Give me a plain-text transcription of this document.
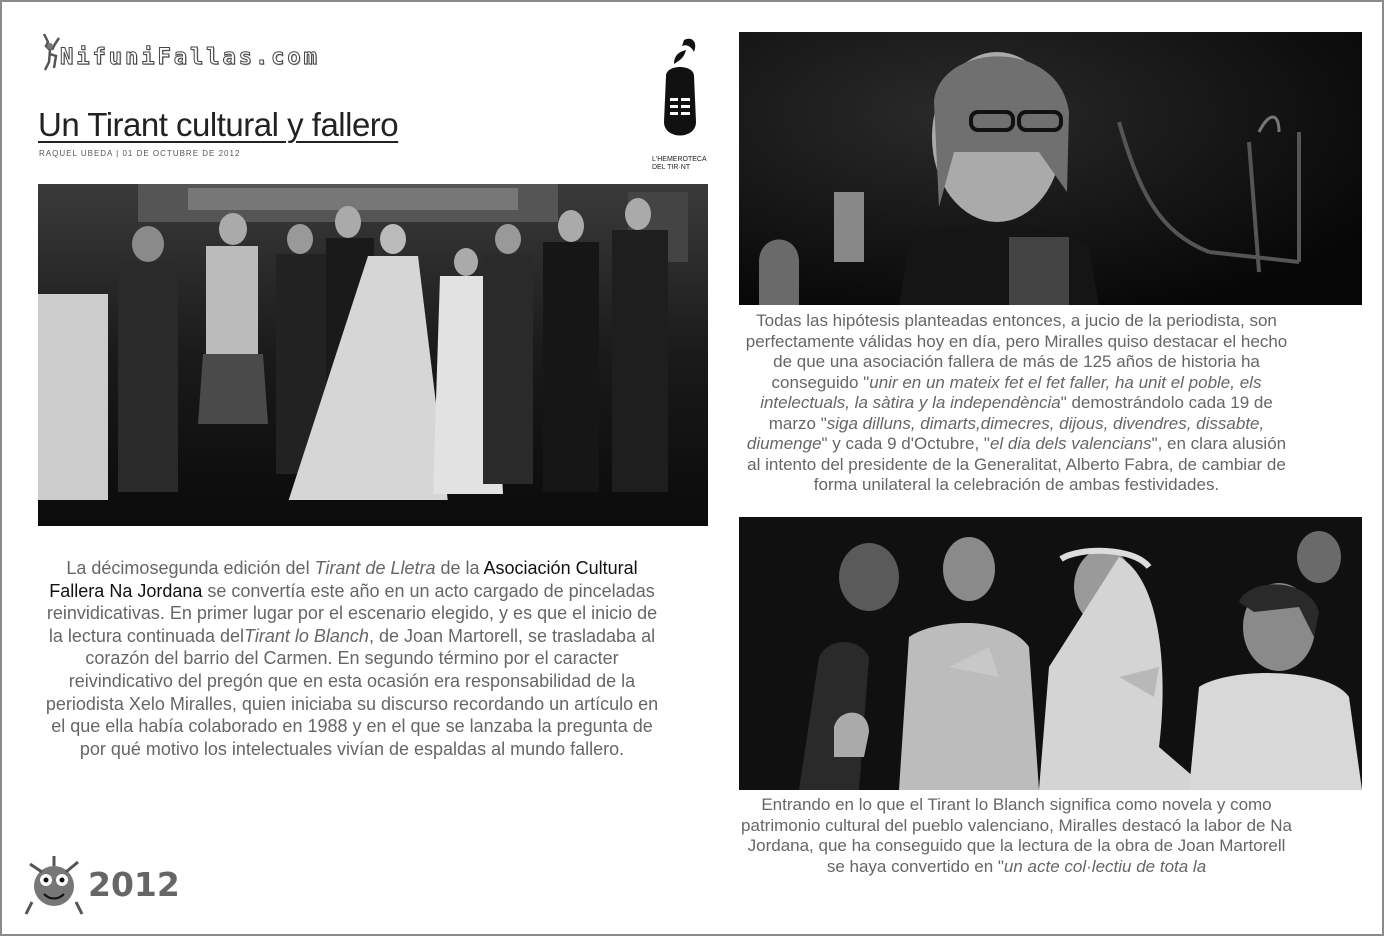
NifuniFallas.com
Un Tirant cultural y fallero
RAQUEL UBEDA | 01 DE OCTUBRE DE 2012
L'HEMEROTECA
DEL TIR·NT
La décimosegunda edición del Tirant de Lletra de la Asociación Cultural Fallera Na Jordana se convertía este año en un acto cargado de pinceladas reinvidicativas. En primer lugar por el escenario elegido, y es que el inicio de la lectura continuada delTirant lo Blanch, de Joan Martorell, se trasladaba al corazón del barrio del Carmen. En segundo término por el caracter reivindicativo del pregón que en esta ocasión era responsabilidad de la periodista Xelo Miralles, quien iniciaba su discurso recordando un artículo en el que ella había colaborado en 1988 y en el que se lanzaba la pregunta de por qué motivo los intelectuales vivían de espaldas al mundo fallero.
Todas las hipótesis planteadas entonces, a jucio de la periodista, son perfectamente válidas hoy en día, pero Miralles quiso destacar el hecho de que una asociación fallera de más de 125 años de historia ha conseguido "unir en un mateix fet el fet faller, ha unit el poble, els intelectuals, la sàtira y la independència" demostrándolo cada 19 de marzo "siga dilluns, dimarts,dimecres, dijous, divendres, dissabte, diumenge" y cada 9 d'Octubre, "el dia dels valencians", en clara alusión al intento del presidente de la Generalitat, Alberto Fabra, de cambiar de forma unilateral la celebración de ambas festividades.
Entrando en lo que el Tirant lo Blanch significa como novela y como patrimonio cultural del pueblo valenciano, Miralles destacó la labor de Na Jordana, que ha conseguido que la lectura de la obra de Joan Martorell se haya convertido en "un acte col·lectiu de tota la
2012
